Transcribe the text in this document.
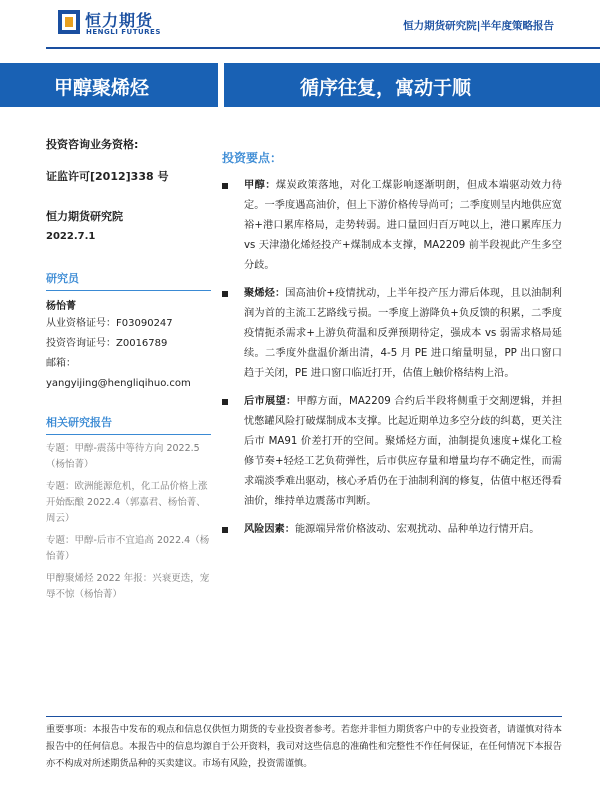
恒力期货
HENGLI FUTURES	恒力期货研究院|半年度策略报告
甲醇聚烯烃	循序往复，寓动于顺
投资咨询业务资格:
证监许可[2012]338 号
恒力期货研究院
2022.7.1
研究员
杨怡菁
从业资格证号：F03090247
投资咨询证号：Z0016789
邮箱：
yangyijing@hengliqihuo.com
相关研究报告
专题：甲醇-震荡中等待方向 2022.5（杨怡菁）
专题：欧洲能源危机，化工品价格上涨开始酝酿 2022.4（郭嘉君、杨怡菁、周云）
专题：甲醇-后市不宜追高 2022.4（杨怡菁）
甲醇聚烯烃 2022 年报：兴衰更迭，宠辱不惊（杨怡菁）
投资要点：
甲醇：煤炭政策落地，对化工煤影响逐渐明朗，但成本端驱动效力待定。一季度遇高油价，但上下游价格传导尚可；二季度则呈内地供应宽裕+港口累库格局，走势转弱。进口量回归百万吨以上，港口累库压力 vs 天津渤化烯烃投产+煤制成本支撑，MA2209 前半段视此产生多空分歧。
聚烯烃：国高油价+疫情扰动，上半年投产压力滞后体现，且以油制利润为首的主流工艺路线亏损。一季度上游降负+负反馈的积累，二季度疫情扼杀需求+上游负荷温和反弹预期待定，强成本 vs 弱需求格局延续。二季度外盘温价渐出清，4-5 月 PE 进口缩量明显，PP 出口窗口趋于关闭，PE 进口窗口临近打开，估值上触价格结构上沿。
后市展望：甲醇方面，MA2209 合约后半段将侧重于交割逻辑，并担忧憋罐风险打破煤制成本支撑。比起近期单边多空分歧的纠葛，更关注后市 MA91 价差打开的空间。聚烯烃方面，油制提负速度+煤化工检修节奏+轻烃工艺负荷弹性，后市供应存量和增量均存不确定性，而需求端淡季难出驱动，核心矛盾仍在于油制利润的修复，估值中枢还得看油价，维持单边震荡市判断。
风险因素：能源端异常价格波动、宏观扰动、品种单边行情开启。
重要事项：本报告中发布的观点和信息仅供恒力期货的专业投资者参考。若您并非恒力期货客户中的专业投资者，请谨慎对待本报告中的任何信息。本报告中的信息均源自于公开资料，我司对这些信息的准确性和完整性不作任何保证，在任何情况下本报告亦不构成对所述期货品种的买卖建议。市场有风险，投资需谨慎。
